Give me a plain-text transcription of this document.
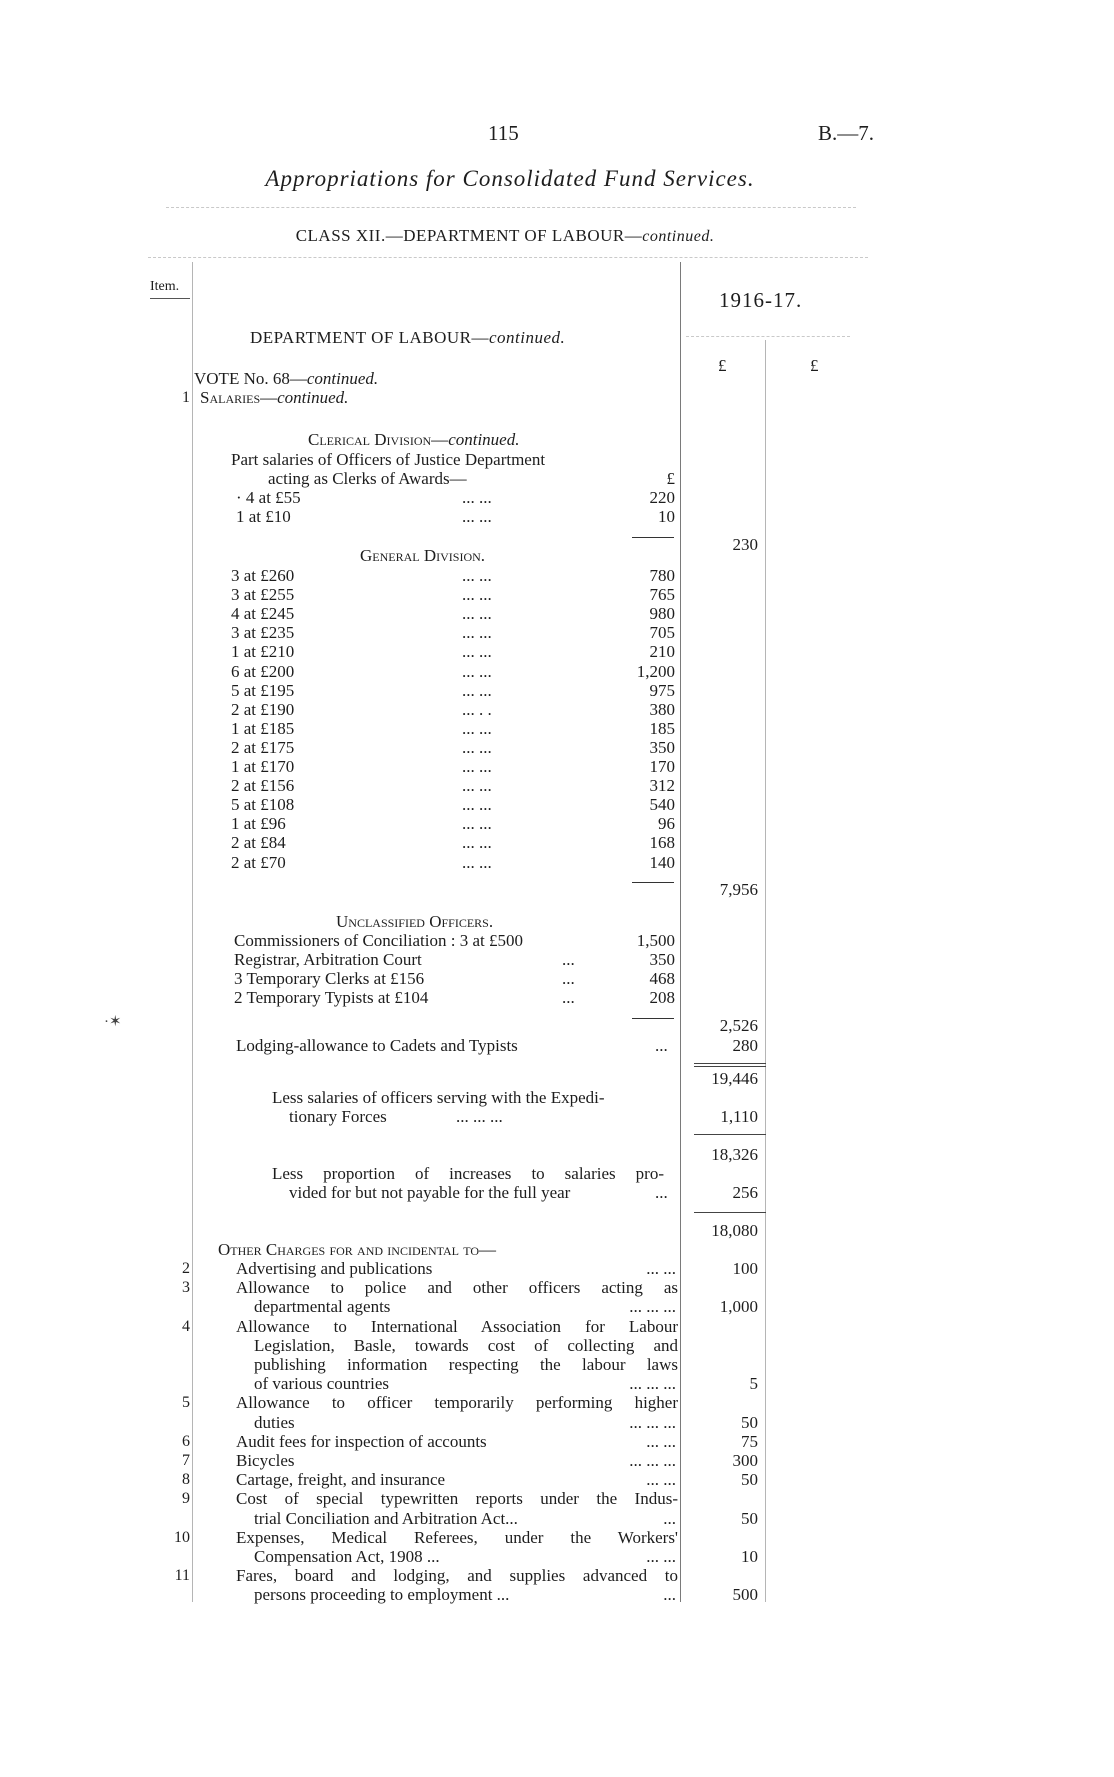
115	B.—7.
Appropriations for Consolidated Fund Services.
CLASS XII.—DEPARTMENT OF LABOUR—continued.
Item.
1916-17.
£	£
·✶
DEPARTMENT OF LABOUR—continued.
VOTE No. 68—continued.
1 Salaries—continued.
Clerical Division—continued.
Part salaries of Officers of Justice Department
acting as Clerks of Awards—	£
· 4 at £55	... ...	220
1 at £10	... ...	10
230
General Division.
3 at £260	... ...	780
3 at £255	... ...	765
4 at £245	... ...	980
3 at £235	... ...	705
1 at £210	... ...	210
6 at £200	... ...	1,200
5 at £195	... ...	975
2 at £190	... . .	380
1 at £185	... ...	185
2 at £175	... ...	350
1 at £170	... ...	170
2 at £156	... ...	312
5 at £108	... ...	540
1 at £96	... ...	96
2 at £84	... ...	168
2 at £70	... ...	140
7,956
Unclassified Officers.
Commissioners of Conciliation : 3 at £500	1,500
Registrar, Arbitration Court	...	350
3 Temporary Clerks at £156	...	468
2 Temporary Typists at £104	...	208
2,526
Lodging-allowance to Cadets and Typists	...	280
19,446
Less salaries of officers serving with the Expedi-
tionary Forces	... ... ...	1,110
18,326
Less proportion of increases to salaries pro-
vided for but not payable for the full year	...	256
18,080
Other Charges for and incidental to—
2	Advertising and publications	... ...	100
3	Allowance to police and other officers acting as
departmental agents	... ... ...	1,000
4	Allowance to International Association for Labour
Legislation, Basle, towards cost of collecting and
publishing information respecting the labour laws
of various countries	... ... ...	5
5	Allowance to officer temporarily performing higher
duties	... ... ...	50
6	Audit fees for inspection of accounts	... ...	75
7	Bicycles	... ... ...	300
8	Cartage, freight, and insurance	... ...	50
9	Cost of special typewritten reports under the Indus-
trial Conciliation and Arbitration Act...	...	50
10	Expenses, Medical Referees, under the Workers'
Compensation Act, 1908 ...	... ...	10
11	Fares, board and lodging, and supplies advanced to
persons proceeding to employment ...	...	500
